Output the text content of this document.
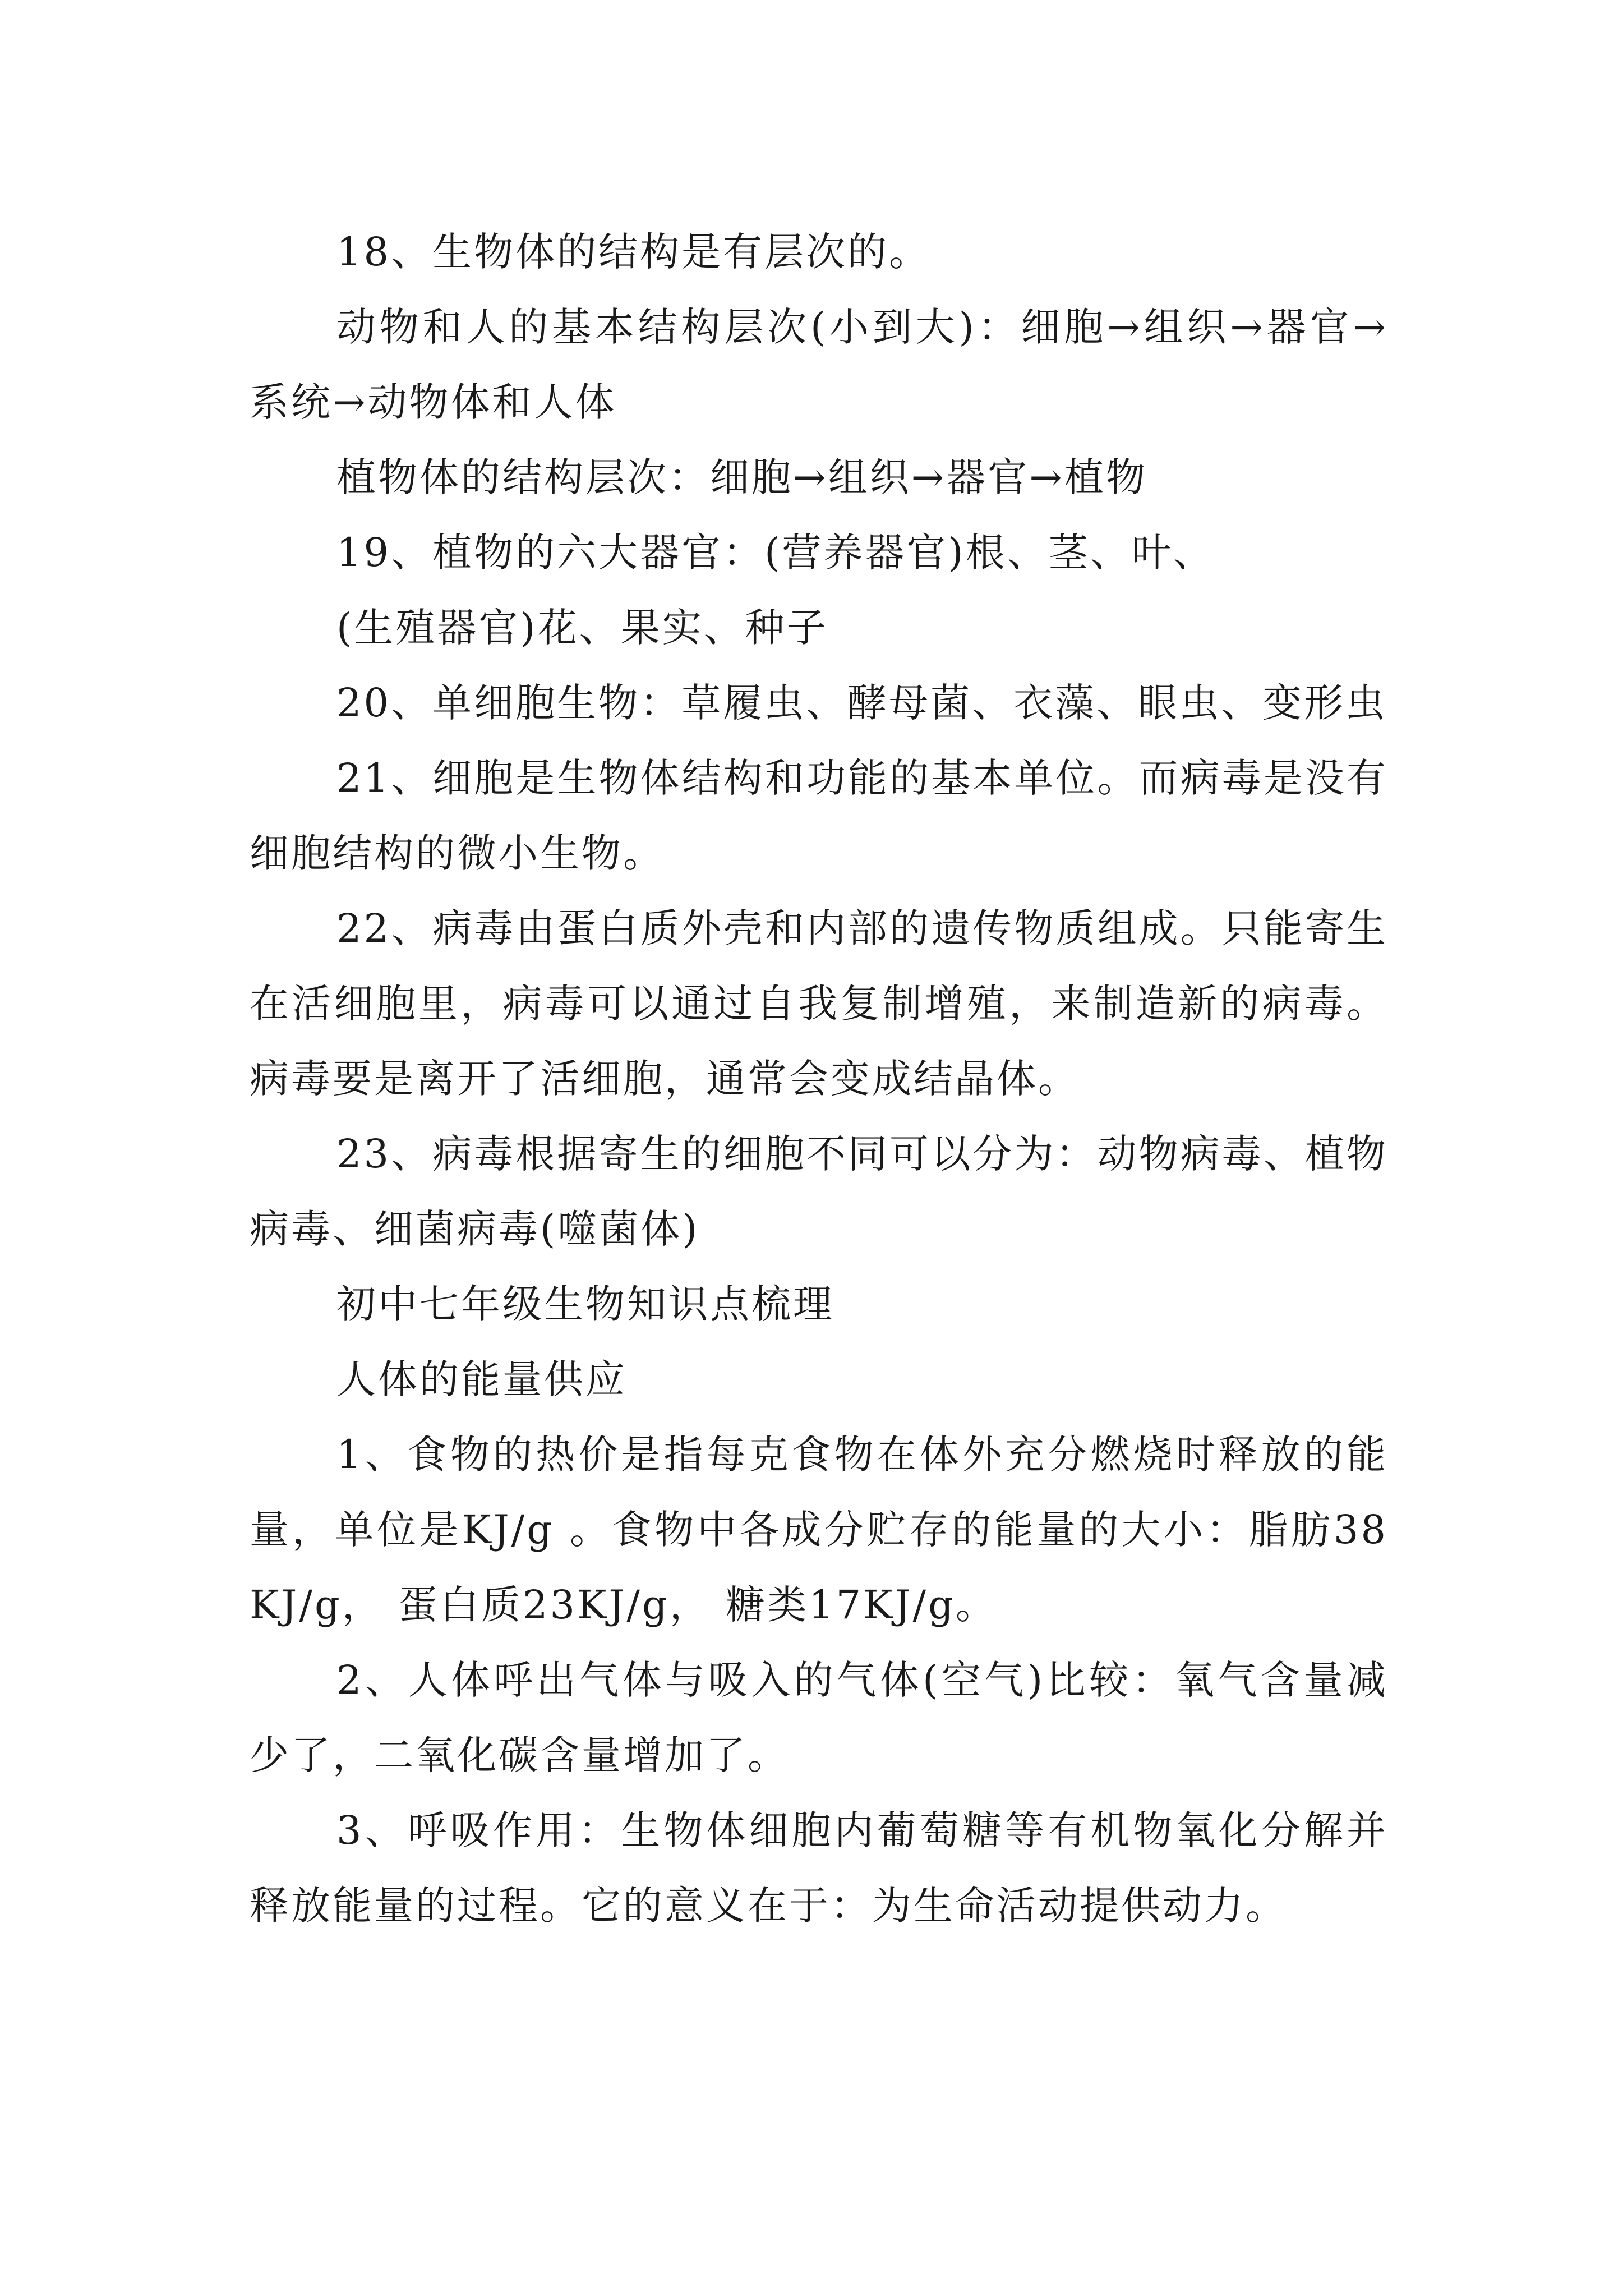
18、生物体的结构是有层次的。

动物和人的基本结构层次(小到大)：细胞→组织→器官→系统→动物体和人体

植物体的结构层次：细胞→组织→器官→植物

19、植物的六大器官：(营养器官)根、茎、叶、

(生殖器官)花、果实、种子

20、单细胞生物：草履虫、酵母菌、衣藻、眼虫、变形虫

21、细胞是生物体结构和功能的基本单位。而病毒是没有细胞结构的微小生物。

22、病毒由蛋白质外壳和内部的遗传物质组成。只能寄生在活细胞里，病毒可以通过自我复制增殖，来制造新的病毒。病毒要是离开了活细胞，通常会变成结晶体。

23、病毒根据寄生的细胞不同可以分为：动物病毒、植物病毒、细菌病毒(噬菌体)

初中七年级生物知识点梳理

人体的能量供应

1、食物的热价是指每克食物在体外充分燃烧时释放的能量，单位是KJ/g 。食物中各成分贮存的能量的大小：脂肪38KJ/g， 蛋白质23KJ/g， 糖类17KJ/g。

2、人体呼出气体与吸入的气体(空气)比较：氧气含量减少了，二氧化碳含量增加了。

3、呼吸作用：生物体细胞内葡萄糖等有机物氧化分解并释放能量的过程。它的意义在于：为生命活动提供动力。
